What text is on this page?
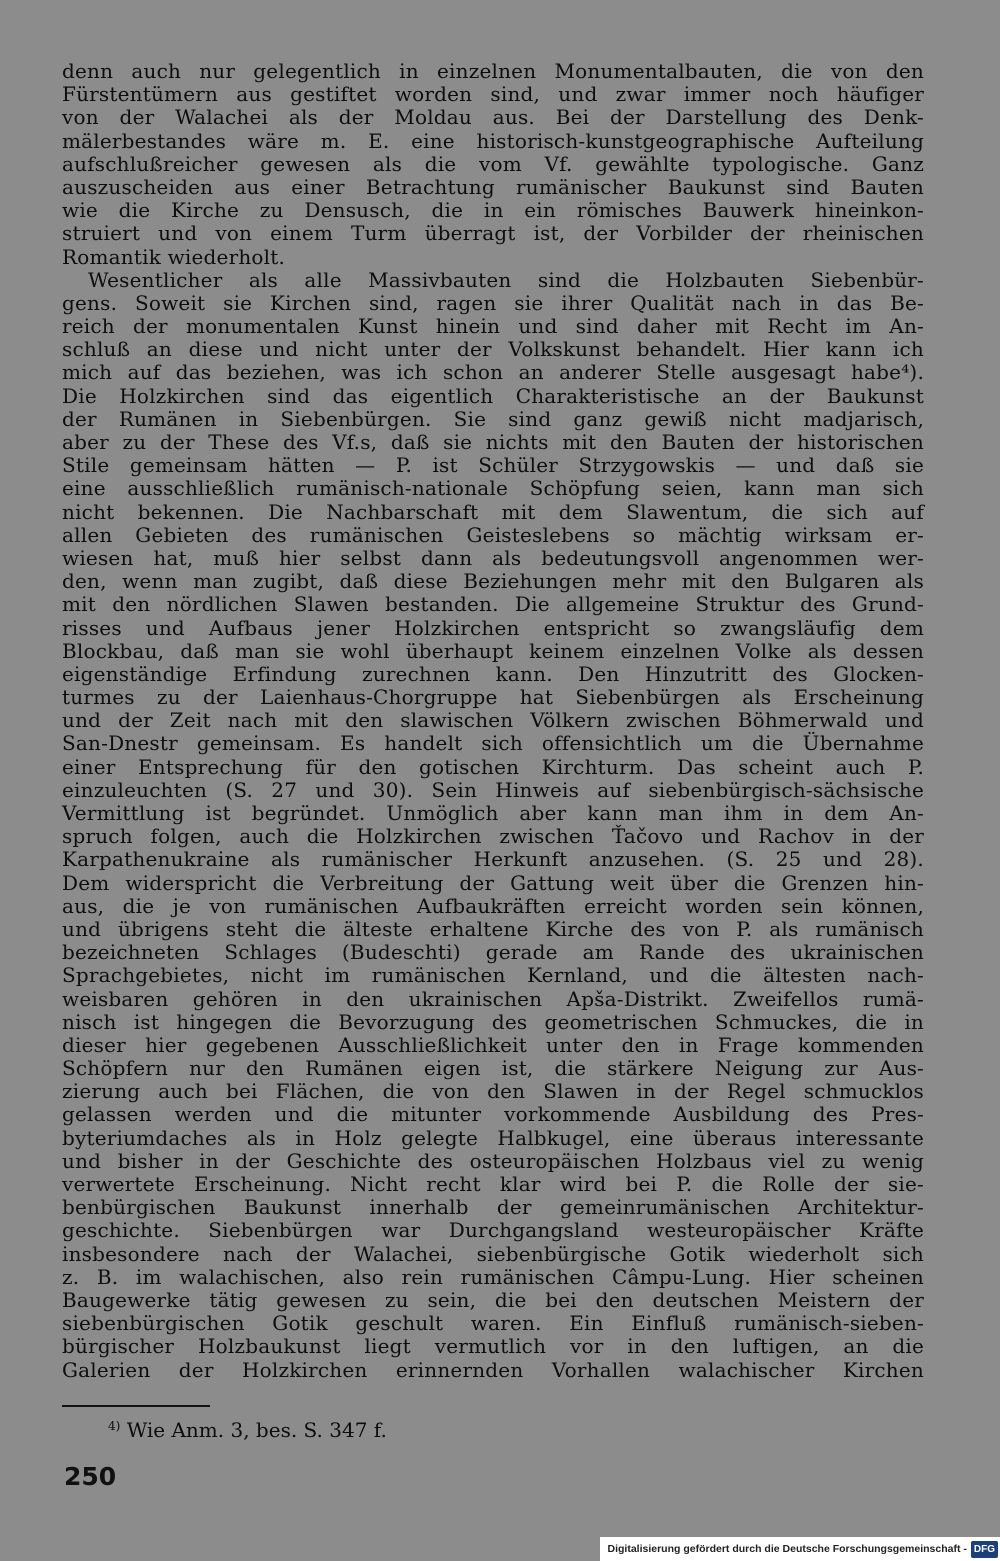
denn auch nur gelegentlich in einzelnen Monumentalbauten, die von den
Fürstentümern aus gestiftet worden sind, und zwar immer noch häufiger
von der Walachei als der Moldau aus. Bei der Darstellung des Denk-
mälerbestandes wäre m. E. eine historisch-kunstgeographische Aufteilung
aufschlußreicher gewesen als die vom Vf. gewählte typologische. Ganz
auszuscheiden aus einer Betrachtung rumänischer Baukunst sind Bauten
wie die Kirche zu Densusch, die in ein römisches Bauwerk hineinkon-
struiert und von einem Turm überragt ist, der Vorbilder der rheinischen
Romantik wiederholt.
Wesentlicher als alle Massivbauten sind die Holzbauten Siebenbür-
gens. Soweit sie Kirchen sind, ragen sie ihrer Qualität nach in das Be-
reich der monumentalen Kunst hinein und sind daher mit Recht im An-
schluß an diese und nicht unter der Volkskunst behandelt. Hier kann ich
mich auf das beziehen, was ich schon an anderer Stelle ausgesagt habe⁴).
Die Holzkirchen sind das eigentlich Charakteristische an der Baukunst
der Rumänen in Siebenbürgen. Sie sind ganz gewiß nicht madjarisch,
aber zu der These des Vf.s, daß sie nichts mit den Bauten der historischen
Stile gemeinsam hätten — P. ist Schüler Strzygowskis — und daß sie
eine ausschließlich rumänisch-nationale Schöpfung seien, kann man sich
nicht bekennen. Die Nachbarschaft mit dem Slawentum, die sich auf
allen Gebieten des rumänischen Geisteslebens so mächtig wirksam er-
wiesen hat, muß hier selbst dann als bedeutungsvoll angenommen wer-
den, wenn man zugibt, daß diese Beziehungen mehr mit den Bulgaren als
mit den nördlichen Slawen bestanden. Die allgemeine Struktur des Grund-
risses und Aufbaus jener Holzkirchen entspricht so zwangsläufig dem
Blockbau, daß man sie wohl überhaupt keinem einzelnen Volke als dessen
eigenständige Erfindung zurechnen kann. Den Hinzutritt des Glocken-
turmes zu der Laienhaus-Chorgruppe hat Siebenbürgen als Erscheinung
und der Zeit nach mit den slawischen Völkern zwischen Böhmerwald und
San-Dnestr gemeinsam. Es handelt sich offensichtlich um die Übernahme
einer Entsprechung für den gotischen Kirchturm. Das scheint auch P.
einzuleuchten (S. 27 und 30). Sein Hinweis auf siebenbürgisch-sächsische
Vermittlung ist begründet. Unmöglich aber kann man ihm in dem An-
spruch folgen, auch die Holzkirchen zwischen Ťačovo und Rachov in der
Karpathenukraine als rumänischer Herkunft anzusehen. (S. 25 und 28).
Dem widerspricht die Verbreitung der Gattung weit über die Grenzen hin-
aus, die je von rumänischen Aufbaukräften erreicht worden sein können,
und übrigens steht die älteste erhaltene Kirche des von P. als rumänisch
bezeichneten Schlages (Budeschti) gerade am Rande des ukrainischen
Sprachgebietes, nicht im rumänischen Kernland, und die ältesten nach-
weisbaren gehören in den ukrainischen Apša-Distrikt. Zweifellos rumä-
nisch ist hingegen die Bevorzugung des geometrischen Schmuckes, die in
dieser hier gegebenen Ausschließlichkeit unter den in Frage kommenden
Schöpfern nur den Rumänen eigen ist, die stärkere Neigung zur Aus-
zierung auch bei Flächen, die von den Slawen in der Regel schmucklos
gelassen werden und die mitunter vorkommende Ausbildung des Pres-
byteriumdaches als in Holz gelegte Halbkugel, eine überaus interessante
und bisher in der Geschichte des osteuropäischen Holzbaus viel zu wenig
verwertete Erscheinung. Nicht recht klar wird bei P. die Rolle der sie-
benbürgischen Baukunst innerhalb der gemeinrumänischen Architektur-
geschichte. Siebenbürgen war Durchgangsland westeuropäischer Kräfte
insbesondere nach der Walachei, siebenbürgische Gotik wiederholt sich
z. B. im walachischen, also rein rumänischen Câmpu-Lung. Hier scheinen
Baugewerke tätig gewesen zu sein, die bei den deutschen Meistern der
siebenbürgischen Gotik geschult waren. Ein Einfluß rumänisch-sieben-
bürgischer Holzbaukunst liegt vermutlich vor in den luftigen, an die
Galerien der Holzkirchen erinnernden Vorhallen walachischer Kirchen
$^{4)}$ Wie Anm. 3, bes. S. 347 f.
250
Digitalisierung gefördert durch die Deutsche Forschungsgemeinschaft - DFG
